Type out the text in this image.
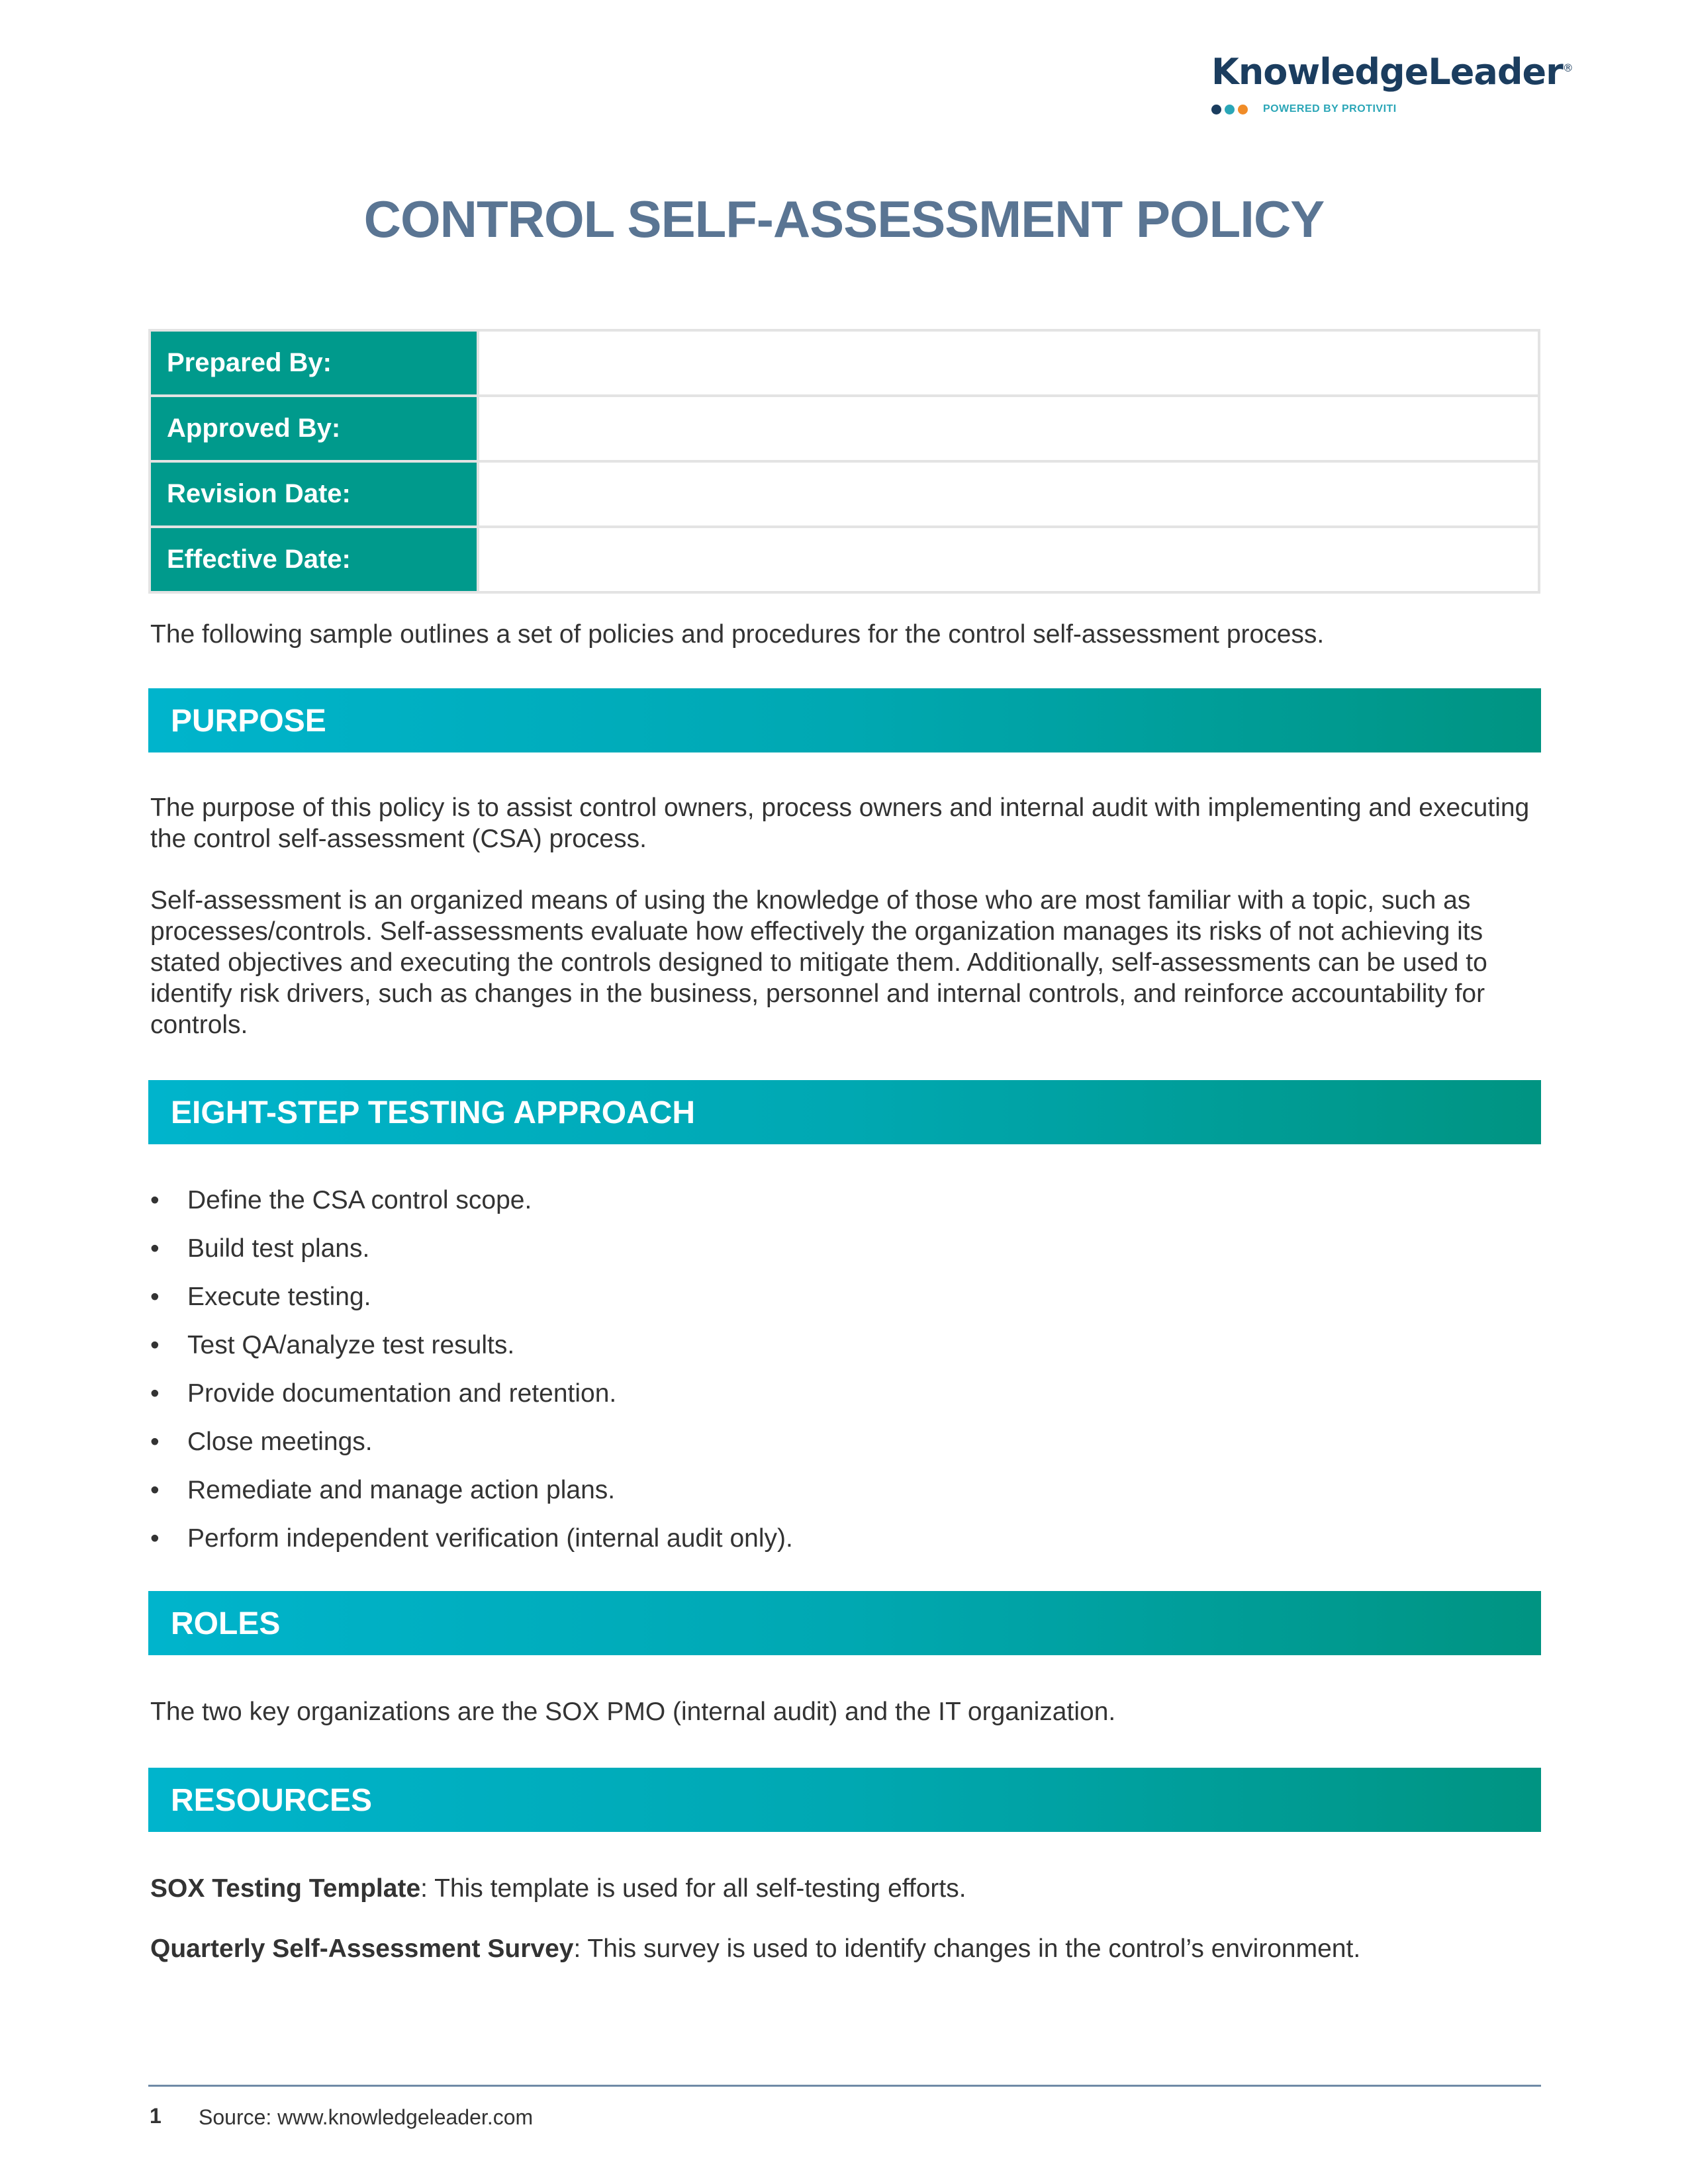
KnowledgeLeader®
POWERED BY PROTIVITI
CONTROL SELF-ASSESSMENT POLICY
Prepared By:	
Approved By:	
Revision Date:	
Effective Date:	

The following sample outlines a set of policies and procedures for the control self-assessment process.

PURPOSE

The purpose of this policy is to assist control owners, process owners and internal audit with implementing and executing the control self-assessment (CSA) process.

Self-assessment is an organized means of using the knowledge of those who are most familiar with a topic, such as processes/controls. Self-assessments evaluate how effectively the organization manages its risks of not achieving its stated objectives and executing the controls designed to mitigate them. Additionally, self-assessments can be used to identify risk drivers, such as changes in the business, personnel and internal controls, and reinforce accountability for controls.

EIGHT-STEP TESTING APPROACH
• Define the CSA control scope.
• Build test plans.
• Execute testing.
• Test QA/analyze test results.
• Provide documentation and retention.
• Close meetings.
• Remediate and manage action plans.
• Perform independent verification (internal audit only).
ROLES

The two key organizations are the SOX PMO (internal audit) and the IT organization.

RESOURCES

SOX Testing Template: This template is used for all self-testing efforts.

Quarterly Self-Assessment Survey: This survey is used to identify changes in the control’s environment.

1 Source: www.knowledgeleader.com
